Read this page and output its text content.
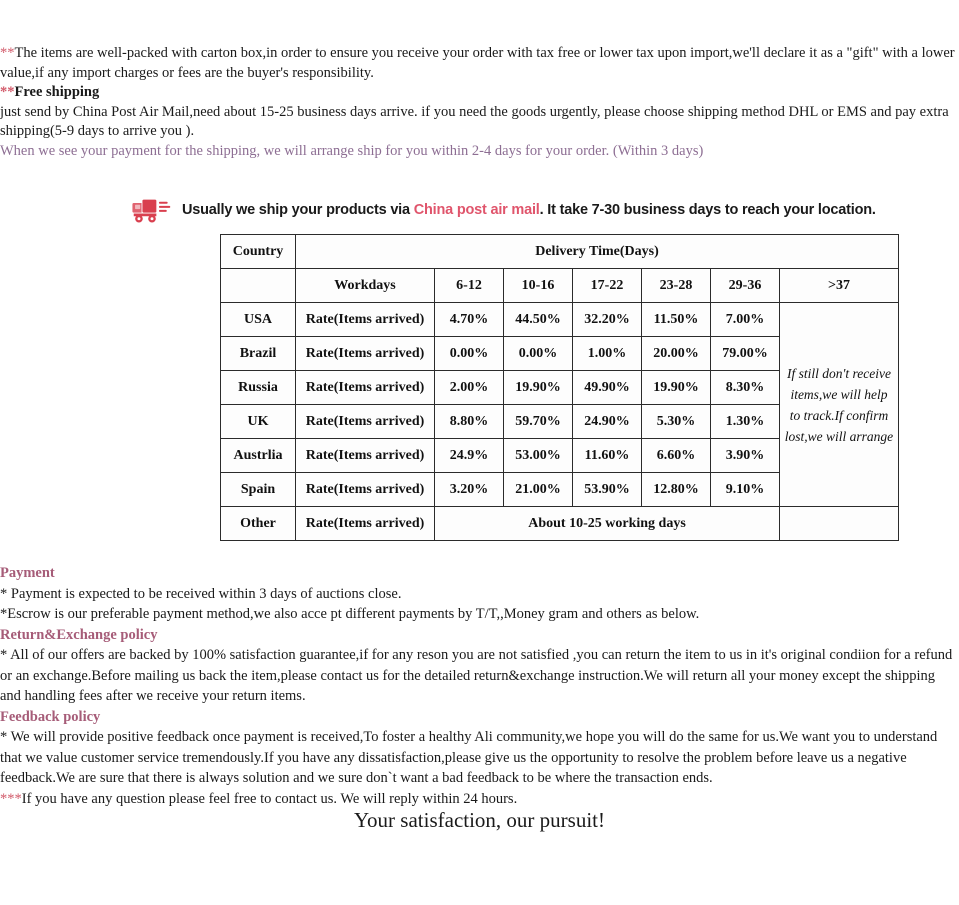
**The items are well-packed with carton box,in order to ensure you receive your order with tax free or lower tax upon import,we'll declare it as a "gift" with a lower value,if any import charges or fees are the buyer's responsibility.

**Free shipping

just send by China Post Air Mail,need about 15-25 business days arrive. if you need the goods urgently, please choose shipping method DHL or EMS and pay extra shipping(5-9 days to arrive you ).

When we see your payment for the shipping, we will arrange ship for you within 2-4 days for your order. (Within 3 days)

Usually we ship your products via China post air mail. It take 7-30 business days to reach your location.
Country	Delivery Time(Days)						
	Workdays	6-12	10-16	17-22	23-28	29-36	>37
USA	Rate(Items arrived)	4.70%	44.50%	32.20%	11.50%	7.00%	If still don't receive items,we will help to track.If confirm lost,we will arrange
Brazil	Rate(Items arrived)	0.00%	0.00%	1.00%	20.00%	79.00%	
Russia	Rate(Items arrived)	2.00%	19.90%	49.90%	19.90%	8.30%	
UK	Rate(Items arrived)	8.80%	59.70%	24.90%	5.30%	1.30%	
Austrlia	Rate(Items arrived)	24.9%	53.00%	11.60%	6.60%	3.90%	
Spain	Rate(Items arrived)	3.20%	21.00%	53.90%	12.80%	9.10%	
Other	Rate(Items arrived)	About 10-25 working days					

Payment

* Payment is expected to be received within 3 days of auctions close.

*Escrow is our preferable payment method,we also acce pt different payments by T/T,,Money gram and others as below.

Return&Exchange policy

* All of our offers are backed by 100% satisfaction guarantee,if for any reson you are not satisfied ,you can return the item to us in it's original condiion for a refund or an exchange.Before mailing us back the item,please contact us for the detailed return&exchange instruction.We will return all your money except the shipping and handling fees after we receive your return items.

Feedback policy

* We will provide positive feedback once payment is received,To foster a healthy Ali community,we hope you will do the same for us.We want you to understand that we value customer service tremendously.If you have any dissatisfaction,please give us the opportunity to resolve the problem before leave us a negative feedback.We are sure that there is always solution and we sure don`t want a bad feedback to be where the transaction ends.

***If you have any question please feel free to contact us. We will reply within 24 hours.

Your satisfaction, our pursuit!
